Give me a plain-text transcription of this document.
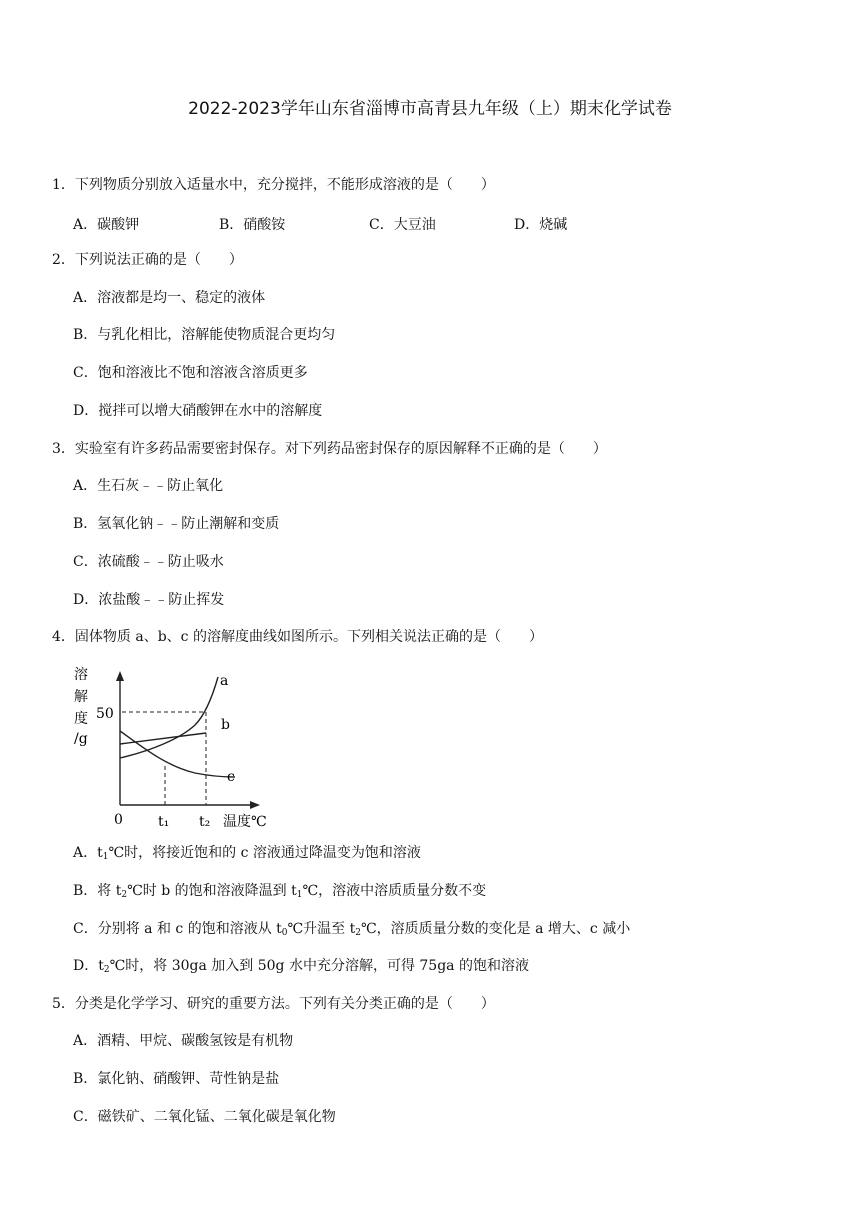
2022-2023学年山东省淄博市高青县九年级（上）期末化学试卷
1．下列物质分别放入适量水中，充分搅拌，不能形成溶液的是（　　）
A．碳酸钾	B．硝酸铵	C．大豆油	D．烧碱
2．下列说法正确的是（　　）
A．溶液都是均一、稳定的液体
B．与乳化相比，溶解能使物质混合更均匀
C．饱和溶液比不饱和溶液含溶质更多
D．搅拌可以增大硝酸钾在水中的溶解度
3．实验室有许多药品需要密封保存。对下列药品密封保存的原因解释不正确的是（　　）
A．生石灰﹣﹣防止氧化
B．氢氧化钠﹣﹣防止潮解和变质
C．浓硫酸﹣﹣防止吸水
D．浓盐酸﹣﹣防止挥发
4．固体物质 a、b、c 的溶解度曲线如图所示。下列相关说法正确的是（　　）
溶
解
度
/g
50
a
b
c
0	t₁ t₂ 温度℃
A．$t_1℃$时，将接近饱和的 c 溶液通过降温变为饱和溶液
B．将 $t_2℃$时 b 的饱和溶液降温到 $t_1℃$，溶液中溶质质量分数不变
C．分别将 a 和 c 的饱和溶液从 $t_0℃$升温至 $t_2℃$，溶质质量分数的变化是 a 增大、c 减小
D．$t_2℃$时，将 30ga 加入到 50g 水中充分溶解，可得 75ga 的饱和溶液
5．分类是化学学习、研究的重要方法。下列有关分类正确的是（　　）
A．酒精、甲烷、碳酸氢铵是有机物
B．氯化钠、硝酸钾、苛性钠是盐
C．磁铁矿、二氧化锰、二氧化碳是氧化物
